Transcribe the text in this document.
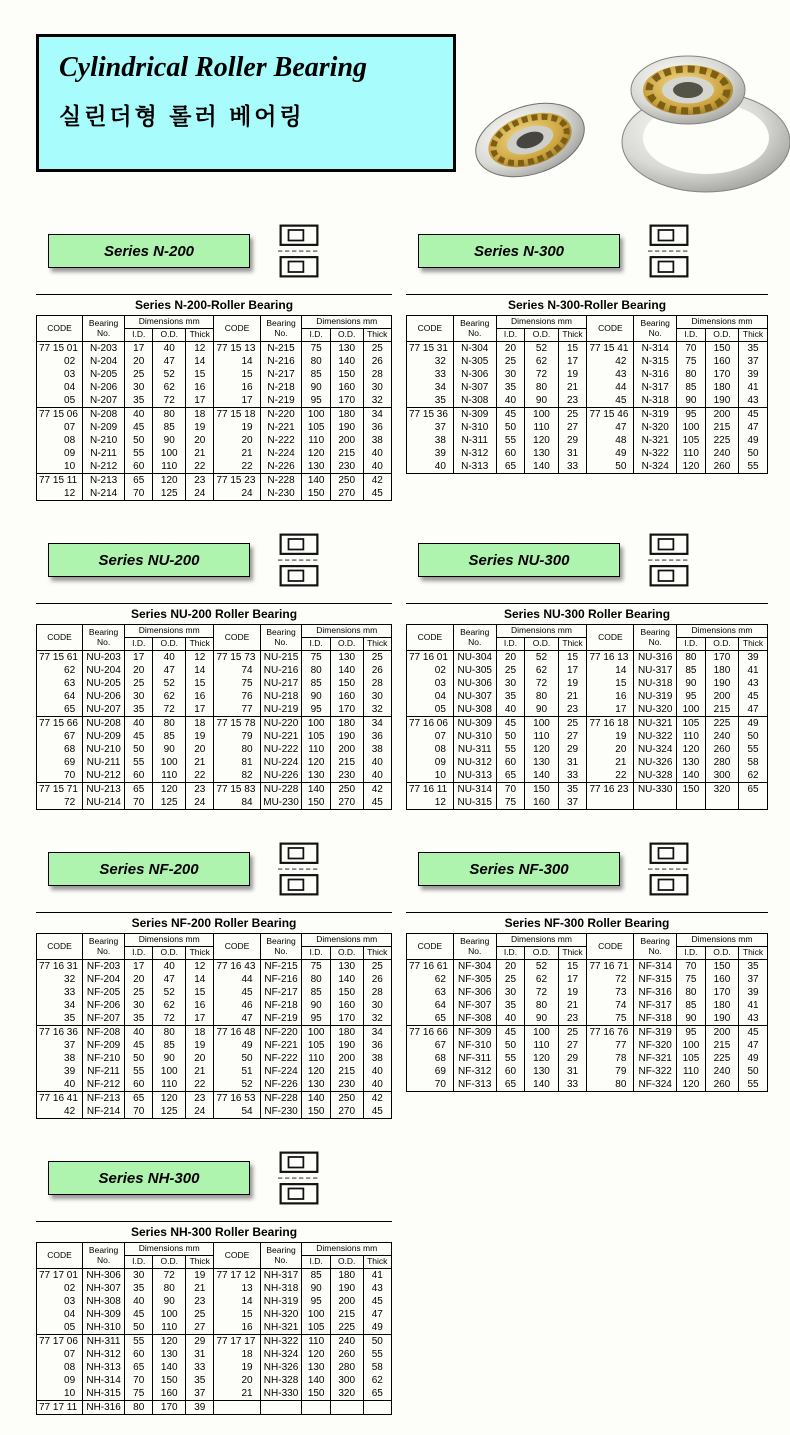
Cylindrical Roller Bearing
실린더형 롤러 베어링
Series N-200
Series N-200-Roller Bearing
CODE	Bearing No.	Dimensions mm			CODE	Bearing No.	Dimensions mm		
		I.D.	O.D.	Thick			I.D.	O.D.	Thick
77 15 01	N-203	17	40	12	77 15 13	N-215	75	130	25
02	N-204	20	47	14	14	N-216	80	140	26
03	N-205	25	52	15	15	N-217	85	150	28
04	N-206	30	62	16	16	N-218	90	160	30
05	N-207	35	72	17	17	N-219	95	170	32
77 15 06	N-208	40	80	18	77 15 18	N-220	100	180	34
07	N-209	45	85	19	19	N-221	105	190	36
08	N-210	50	90	20	20	N-222	110	200	38
09	N-211	55	100	21	21	N-224	120	215	40
10	N-212	60	110	22	22	N-226	130	230	40
77 15 11	N-213	65	120	23	77 15 23	N-228	140	250	42
12	N-214	70	125	24	24	N-230	150	270	45
Series N-300
Series N-300-Roller Bearing
CODE	Bearing No.	Dimensions mm			CODE	Bearing No.	Dimensions mm		
		I.D.	O.D.	Thick			I.D.	O.D.	Thick
77 15 31	N-304	20	52	15	77 15 41	N-314	70	150	35
32	N-305	25	62	17	42	N-315	75	160	37
33	N-306	30	72	19	43	N-316	80	170	39
34	N-307	35	80	21	44	N-317	85	180	41
35	N-308	40	90	23	45	N-318	90	190	43
77 15 36	N-309	45	100	25	77 15 46	N-319	95	200	45
37	N-310	50	110	27	47	N-320	100	215	47
38	N-311	55	120	29	48	N-321	105	225	49
39	N-312	60	130	31	49	N-322	110	240	50
40	N-313	65	140	33	50	N-324	120	260	55
Series NU-200
Series NU-200 Roller Bearing
CODE	Bearing No.	Dimensions mm			CODE	Bearing No.	Dimensions mm		
		I.D.	O.D.	Thick			I.D.	O.D.	Thick
77 15 61	NU-203	17	40	12	77 15 73	NU-215	75	130	25
62	NU-204	20	47	14	74	NU-216	80	140	26
63	NU-205	25	52	15	75	NU-217	85	150	28
64	NU-206	30	62	16	76	NU-218	90	160	30
65	NU-207	35	72	17	77	NU-219	95	170	32
77 15 66	NU-208	40	80	18	77 15 78	NU-220	100	180	34
67	NU-209	45	85	19	79	NU-221	105	190	36
68	NU-210	50	90	20	80	NU-222	110	200	38
69	NU-211	55	100	21	81	NU-224	120	215	40
70	NU-212	60	110	22	82	NU-226	130	230	40
77 15 71	NU-213	65	120	23	77 15 83	NU-228	140	250	42
72	NU-214	70	125	24	84	MU-230	150	270	45
Series NU-300
Series NU-300 Roller Bearing
CODE	Bearing No.	Dimensions mm			CODE	Bearing No.	Dimensions mm		
		I.D.	O.D.	Thick			I.D.	O.D.	Thick
77 16 01	NU-304	20	52	15	77 16 13	NU-316	80	170	39
02	NU-305	25	62	17	14	NU-317	85	180	41
03	NU-306	30	72	19	15	NU-318	90	190	43
04	NU-307	35	80	21	16	NU-319	95	200	45
05	NU-308	40	90	23	17	NU-320	100	215	47
77 16 06	NU-309	45	100	25	77 16 18	NU-321	105	225	49
07	NU-310	50	110	27	19	NU-322	110	240	50
08	NU-311	55	120	29	20	NU-324	120	260	55
09	NU-312	60	130	31	21	NU-326	130	280	58
10	NU-313	65	140	33	22	NU-328	140	300	62
77 16 11	NU-314	70	150	35	77 16 23	NU-330	150	320	65
12	NU-315	75	160	37					
Series NF-200
Series NF-200 Roller Bearing
CODE	Bearing No.	Dimensions mm			CODE	Bearing No.	Dimensions mm		
		I.D.	O.D.	Thick			I.D.	O.D.	Thick
77 16 31	NF-203	17	40	12	77 16 43	NF-215	75	130	25
32	NF-204	20	47	14	44	NF-216	80	140	26
33	NF-205	25	52	15	45	NF-217	85	150	28
34	NF-206	30	62	16	46	NF-218	90	160	30
35	NF-207	35	72	17	47	NF-219	95	170	32
77 16 36	NF-208	40	80	18	77 16 48	NF-220	100	180	34
37	NF-209	45	85	19	49	NF-221	105	190	36
38	NF-210	50	90	20	50	NF-222	110	200	38
39	NF-211	55	100	21	51	NF-224	120	215	40
40	NF-212	60	110	22	52	NF-226	130	230	40
77 16 41	NF-213	65	120	23	77 16 53	NF-228	140	250	42
42	NF-214	70	125	24	54	NF-230	150	270	45
Series NF-300
Series NF-300 Roller Bearing
CODE	Bearing No.	Dimensions mm			CODE	Bearing No.	Dimensions mm		
		I.D.	O.D.	Thick			I.D.	O.D.	Thick
77 16 61	NF-304	20	52	15	77 16 71	NF-314	70	150	35
62	NF-305	25	62	17	72	NF-315	75	160	37
63	NF-306	30	72	19	73	NF-316	80	170	39
64	NF-307	35	80	21	74	NF-317	85	180	41
65	NF-308	40	90	23	75	NF-318	90	190	43
77 16 66	NF-309	45	100	25	77 16 76	NF-319	95	200	45
67	NF-310	50	110	27	77	NF-320	100	215	47
68	NF-311	55	120	29	78	NF-321	105	225	49
69	NF-312	60	130	31	79	NF-322	110	240	50
70	NF-313	65	140	33	80	NF-324	120	260	55
Series NH-300
Series NH-300 Roller Bearing
CODE	Bearing No.	Dimensions mm			CODE	Bearing No.	Dimensions mm		
		I.D.	O.D.	Thick			I.D.	O.D.	Thick
77 17 01	NH-306	30	72	19	77 17 12	NH-317	85	180	41
02	NH-307	35	80	21	13	NH-318	90	190	43
03	NH-308	40	90	23	14	NH-319	95	200	45
04	NH-309	45	100	25	15	NH-320	100	215	47
05	NH-310	50	110	27	16	NH-321	105	225	49
77 17 06	NH-311	55	120	29	77 17 17	NH-322	110	240	50
07	NH-312	60	130	31	18	NH-324	120	260	55
08	NH-313	65	140	33	19	NH-326	130	280	58
09	NH-314	70	150	35	20	NH-328	140	300	62
10	NH-315	75	160	37	21	NH-330	150	320	65
77 17 11	NH-316	80	170	39					
